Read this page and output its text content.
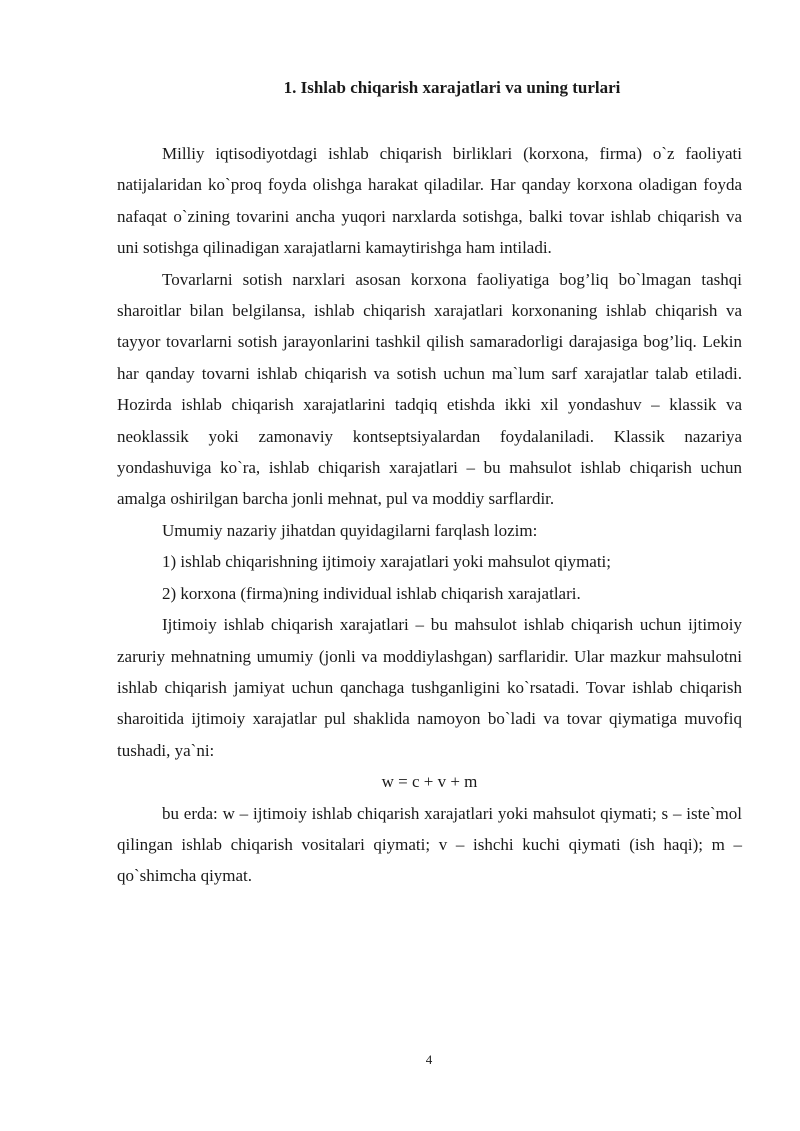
1. Ishlab chiqarish xarajatlari va uning turlari

Milliy iqtisodiyotdagi ishlab chiqarish birliklari (korxona, firma) o`z faoliyati natijalaridan ko`proq foyda olishga harakat qiladilar. Har qanday korxona oladigan foyda nafaqat o`zining tovarini ancha yuqori narxlarda sotishga, balki tovar ishlab chiqarish va uni sotishga qilinadigan xarajatlarni kamaytirishga ham intiladi.

Tovarlarni sotish narxlari asosan korxona faoliyatiga bog’liq bo`lmagan tashqi sharoitlar bilan belgilansa, ishlab chiqarish xarajatlari korxonaning ishlab chiqarish va tayyor tovarlarni sotish jarayonlarini tashkil qilish samaradorligi darajasiga bog’liq. Lekin har qanday tovarni ishlab chiqarish va sotish uchun ma`lum sarf xarajatlar talab etiladi. Hozirda ishlab chiqarish xarajatlarini tadqiq etishda ikki xil yondashuv – klassik va neoklassik yoki zamonaviy kontseptsiyalardan foydalaniladi. Klassik nazariya yondashuviga ko`ra, ishlab chiqarish xarajatlari – bu mahsulot ishlab chiqarish uchun amalga oshirilgan barcha jonli mehnat, pul va moddiy sarflardir.

Umumiy nazariy jihatdan quyidagilarni farqlash lozim:

1) ishlab chiqarishning ijtimoiy xarajatlari yoki mahsulot qiymati;

2) korxona (firma)ning individual ishlab chiqarish xarajatlari.

Ijtimoiy ishlab chiqarish xarajatlari – bu mahsulot ishlab chiqarish uchun ijtimoiy zaruriy mehnatning umumiy (jonli va moddiylashgan) sarflaridir. Ular mazkur mahsulotni ishlab chiqarish jamiyat uchun qanchaga tushganligini ko`rsatadi. Tovar ishlab chiqarish sharoitida ijtimoiy xarajatlar pul shaklida namoyon bo`ladi va tovar qiymatiga muvofiq tushadi, ya`ni:

w = c + v + m

bu erda: w – ijtimoiy ishlab chiqarish xarajatlari yoki mahsulot qiymati; s – iste`mol qilingan ishlab chiqarish vositalari qiymati; v – ishchi kuchi qiymati (ish haqi); m – qo`shimcha qiymat.

4
